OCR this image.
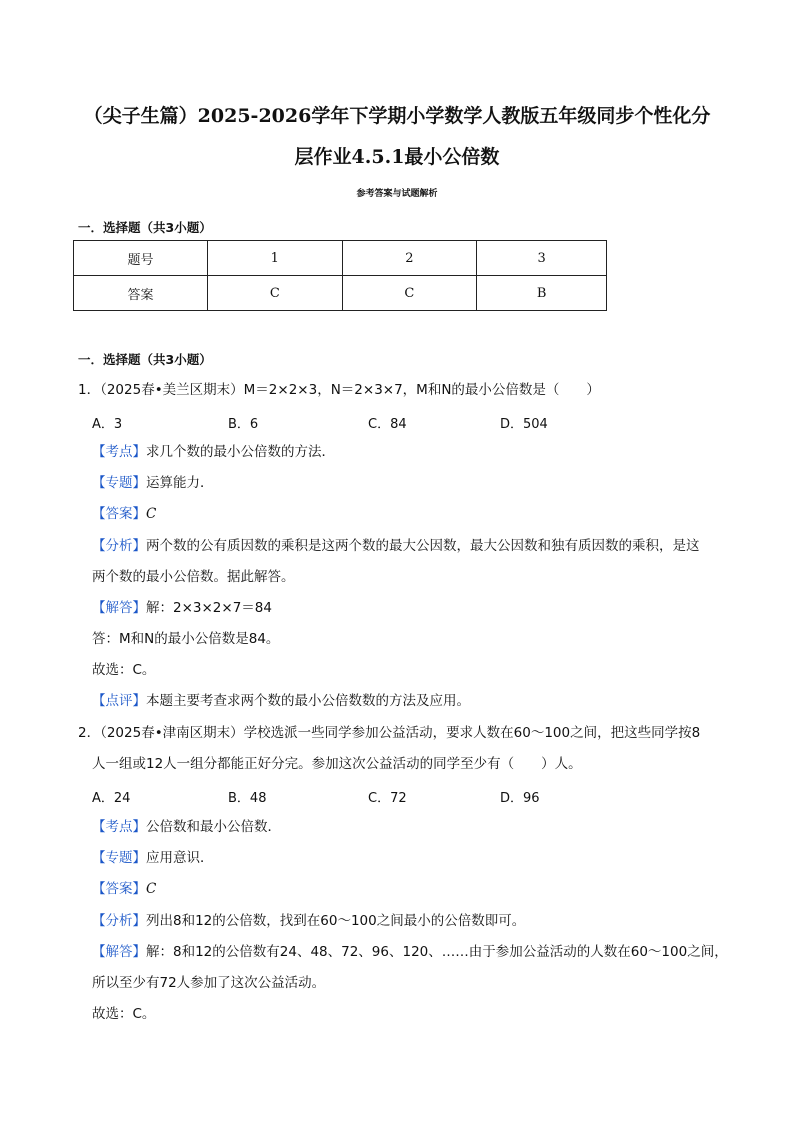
（尖子生篇）2025-2026学年下学期小学数学人教版五年级同步个性化分
层作业4.5.1最小公倍数
参考答案与试题解析
一．选择题（共3小题）
题号	1	2	3
答案	C	C	B
一．选择题（共3小题）
1．（2025春•美兰区期末）M＝2×2×3，N＝2×3×7，M和N的最小公倍数是（　　）
A．3	B．6	C．84	D．504
【考点】求几个数的最小公倍数的方法．
【专题】运算能力．
【答案】C
【分析】两个数的公有质因数的乘积是这两个数的最大公因数，最大公因数和独有质因数的乘积，是这
两个数的最小公倍数。据此解答。
【解答】解：2×3×2×7＝84
答：M和N的最小公倍数是84。
故选：C。
【点评】本题主要考查求两个数的最小公倍数数的方法及应用。
2．（2025春•津南区期末）学校选派一些同学参加公益活动，要求人数在60～100之间，把这些同学按8
人一组或12人一组分都能正好分完。参加这次公益活动的同学至少有（　　）人。
A．24	B．48	C．72	D．96
【考点】公倍数和最小公倍数．
【专题】应用意识．
【答案】C
【分析】列出8和12的公倍数，找到在60～100之间最小的公倍数即可。
【解答】解：8和12的公倍数有24、48、72、96、120、……由于参加公益活动的人数在60～100之间，
所以至少有72人参加了这次公益活动。
故选：C。
